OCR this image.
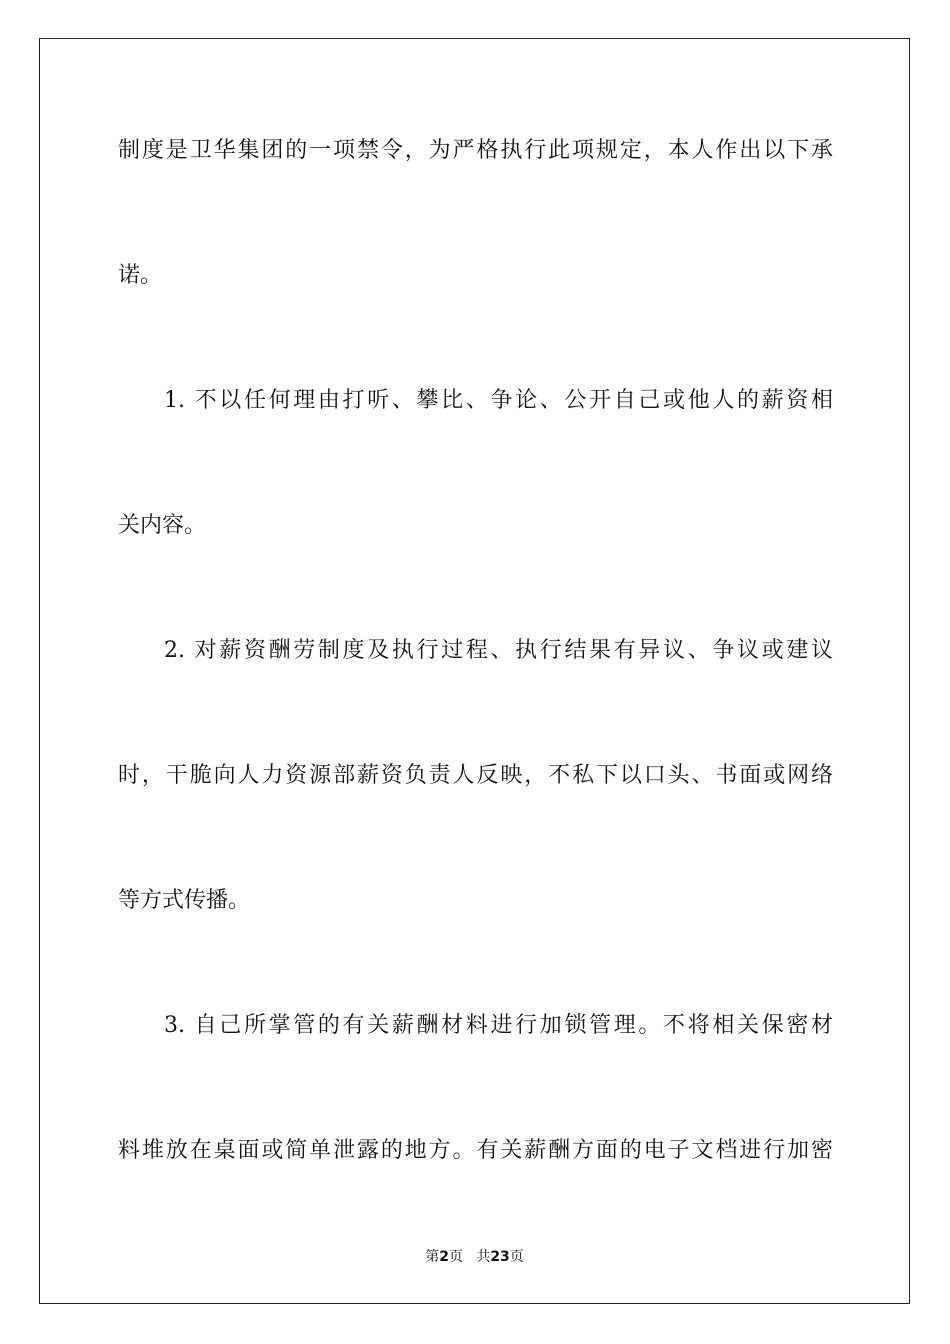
制度是卫华集团的一项禁令，为严格执行此项规定，本人作出以下承
诺。
1. 不以任何理由打听、攀比、争论、公开自己或他人的薪资相
关内容。
2. 对薪资酬劳制度及执行过程、执行结果有异议、争议或建议
时，干脆向人力资源部薪资负责人反映，不私下以口头、书面或网络
等方式传播。
3. 自己所掌管的有关薪酬材料进行加锁管理。不将相关保密材
料堆放在桌面或简单泄露的地方。有关薪酬方面的电子文档进行加密
第2页 共23页
